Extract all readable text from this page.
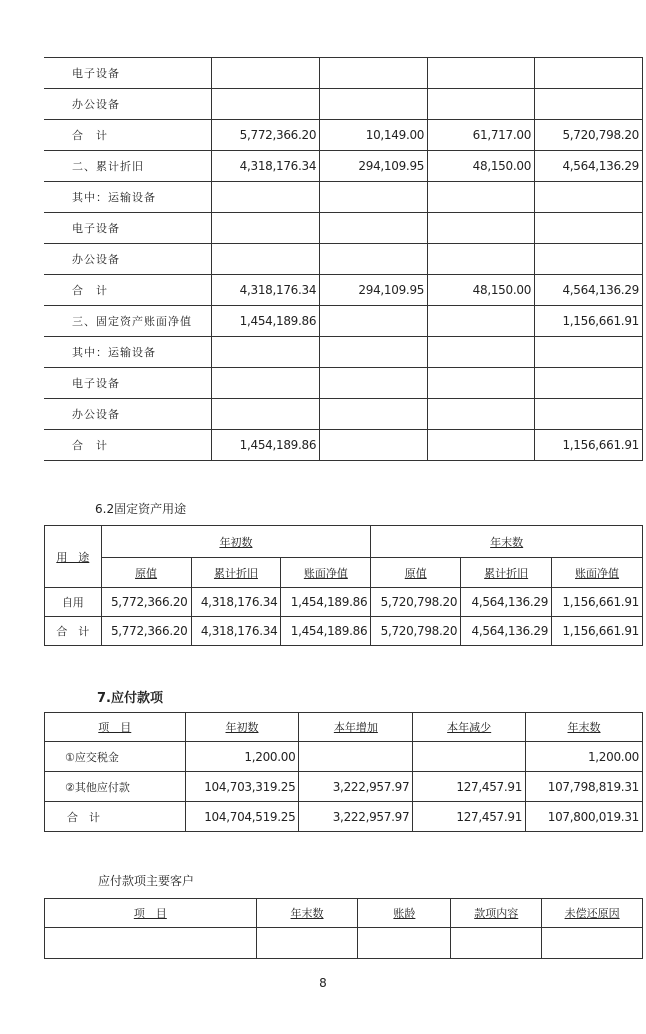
电子设备				
办公设备				
合　计	5,772,366.20	10,149.00	61,717.00	5,720,798.20
二、累计折旧	4,318,176.34	294,109.95	48,150.00	4,564,136.29
其中：运输设备				
电子设备				
办公设备				
合　计	4,318,176.34	294,109.95	48,150.00	4,564,136.29
三、固定资产账面净值	1,454,189.86			1,156,661.91
其中：运输设备				
电子设备				
办公设备				
合　计	1,454,189.86			1,156,661.91
6.2固定资产用途
用　途	年初数			年末数		
	原值	累计折旧	账面净值	原值	累计折旧	账面净值
自用	5,772,366.20	4,318,176.34	1,454,189.86	5,720,798.20	4,564,136.29	1,156,661.91
合　计	5,772,366.20	4,318,176.34	1,454,189.86	5,720,798.20	4,564,136.29	1,156,661.91
7.应付款项
项　目	年初数	本年增加	本年减少	年末数
①应交税金	1,200.00			1,200.00
②其他应付款	104,703,319.25	3,222,957.97	127,457.91	107,798,819.31
合　计	104,704,519.25	3,222,957.97	127,457.91	107,800,019.31
应付款项主要客户
项　目	年末数	账龄	款项内容	未偿还原因

8
